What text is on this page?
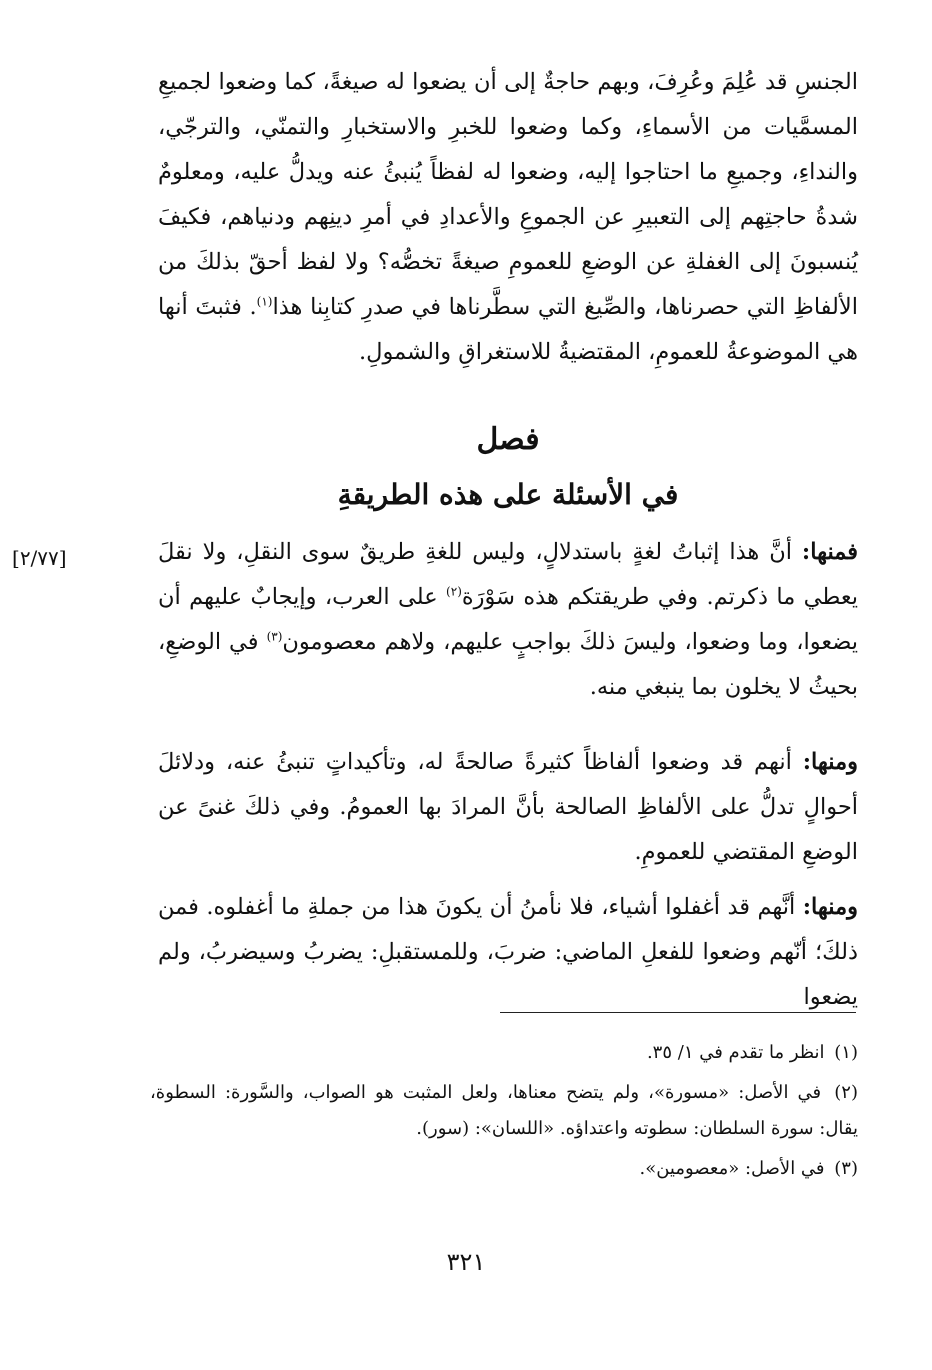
الجنسِ قد عُلِمَ وعُرِفَ، وبهم حاجةٌ إلى أن يضعوا له صيغةً، كما وضعوا لجميعِ المسمَّيات من الأسماءِ، وكما وضعوا للخبرِ والاستخبارِ والتمنّي، والترجّي، والنداءِ، وجميعِ ما احتاجوا إليه، وضعوا له لفظاً يُنبئُ عنه ويدلُّ عليه، ومعلومٌ شدةُ حاجتِهم إلى التعبيرِ عن الجموعِ والأعدادِ في أمرِ دينِهم ودنياهم، فكيفَ يُنسبونَ إلى الغفلةِ عن الوضعِ للعمومِ صيغةً تخصُّه؟ ولا لفظ أحقّ بذلكَ من الألفاظِ التي حصرناها، والصِّيغ التي سطَّرناها في صدرِ كتابِنا هذا$^{(١)}$. فثبتَ أنها هي الموضوعةُ للعمومِ، المقتضيةُ للاستغراقِ والشمولِ.

فصل
في الأسئلة على هذه الطريقةِ
[٢/٧٧]	فمنها: أنَّ هذا إثباتُ لغةٍ باستدلالٍ، وليس للغةِ طريقٌ سوى النقلِ، ولا نقلَ يعطي ما ذكرتم. وفي طريقتكم هذه سَوْرَة$^{(٢)}$ على العرب، وإيجابٌ عليهم أن يضعوا، وما وضعوا، وليسَ ذلكَ بواجبٍ عليهم، ولاهم معصومون$^{(٣)}$ في الوضعِ، بحيثُ لا يخلون بما ينبغي منه.

ومنها: أنهم قد وضعوا ألفاظاً كثيرةً صالحةً له، وتأكيداتٍ تنبئُ عنه، ودلائلَ أحوالٍ تدلُّ على الألفاظِ الصالحة بأنَّ المرادَ بها العمومُ. وفي ذلكَ غنىً عن الوضعِ المقتضي للعمومِ.

ومنها: أنَّهم قد أغفلوا أشياء، فلا نأمنُ أن يكونَ هذا من جملةِ ما أغفلوه. فمن ذلكَ؛ أنّهم وضعوا للفعلِ الماضي: ضربَ، وللمستقبلِ: يضربُ وسيضربُ، ولم يضعوا

(١) انظر ما تقدم في ١/ ٣٥.

(٢) في الأصل: «مسورة»، ولم يتضح معناها، ولعل المثبت هو الصواب، والسَّورة: السطوة، يقال: سورة السلطان: سطوته واعتداؤه. «اللسان»: (سور).

(٣) في الأصل: «معصومين».

٣٢١
